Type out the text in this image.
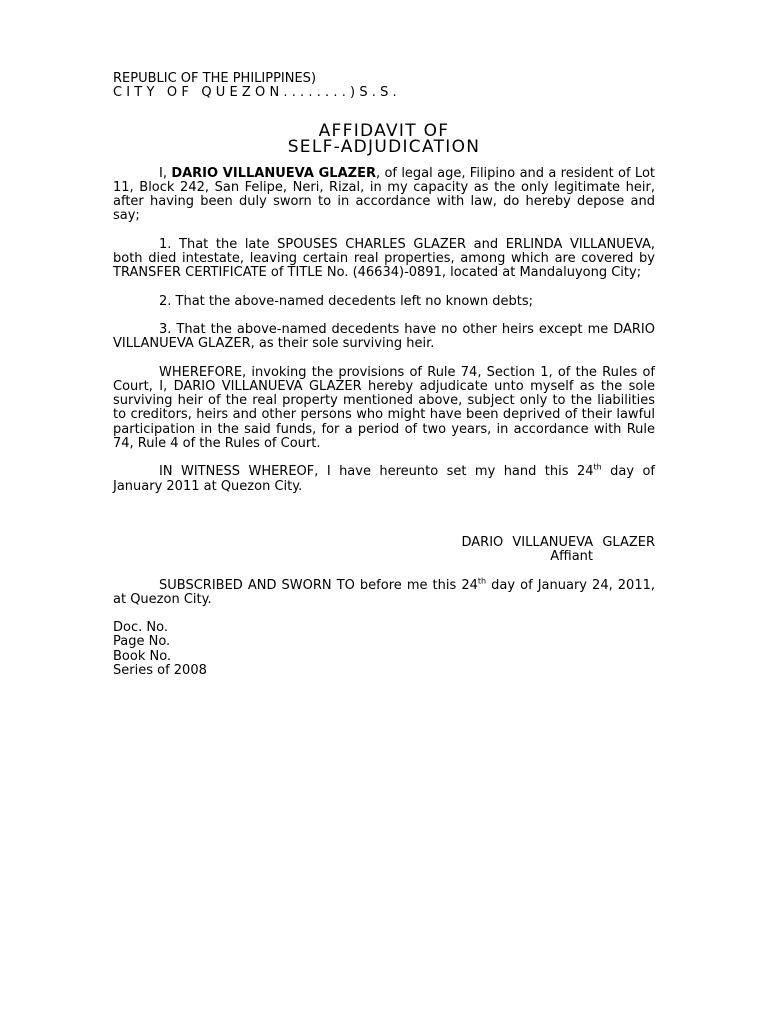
REPUBLIC OF THE PHILIPPINES)
CITY OF QUEZON........)S.S.
AFFIDAVIT OF
SELF-ADJUDICATION

I, DARIO VILLANUEVA GLAZER, of legal age, Filipino and a resident of Lot 11, Block 242, San Felipe, Neri, Rizal, in my capacity as the only legitimate heir, after having been duly sworn to in accordance with law, do hereby depose and say;

1. That the late SPOUSES CHARLES GLAZER and ERLINDA VILLANUEVA, both died intestate, leaving certain real properties, among which are covered by TRANSFER CERTIFICATE of TITLE No. (46634)-0891, located at Mandaluyong City;

2. That the above-named decedents left no known debts;

3. That the above-named decedents have no other heirs except me DARIO VILLANUEVA GLAZER, as their sole surviving heir.

WHEREFORE, invoking the provisions of Rule 74, Section 1, of the Rules of Court, I, DARIO VILLANUEVA GLAZER hereby adjudicate unto myself as the sole surviving heir of the real property mentioned above, subject only to the liabilities to creditors, heirs and other persons who might have been deprived of their lawful participation in the said funds, for a period of two years, in accordance with Rule 74, Rule 4 of the Rules of Court.

IN WITNESS WHEREOF, I have hereunto set my hand this 24th day of January 2011 at Quezon City.

DARIO VILLANUEVA GLAZER
Affiant

SUBSCRIBED AND SWORN TO before me this 24th day of January 24, 2011, at Quezon City.

Doc. No.
Page No.
Book No.
Series of 2008
